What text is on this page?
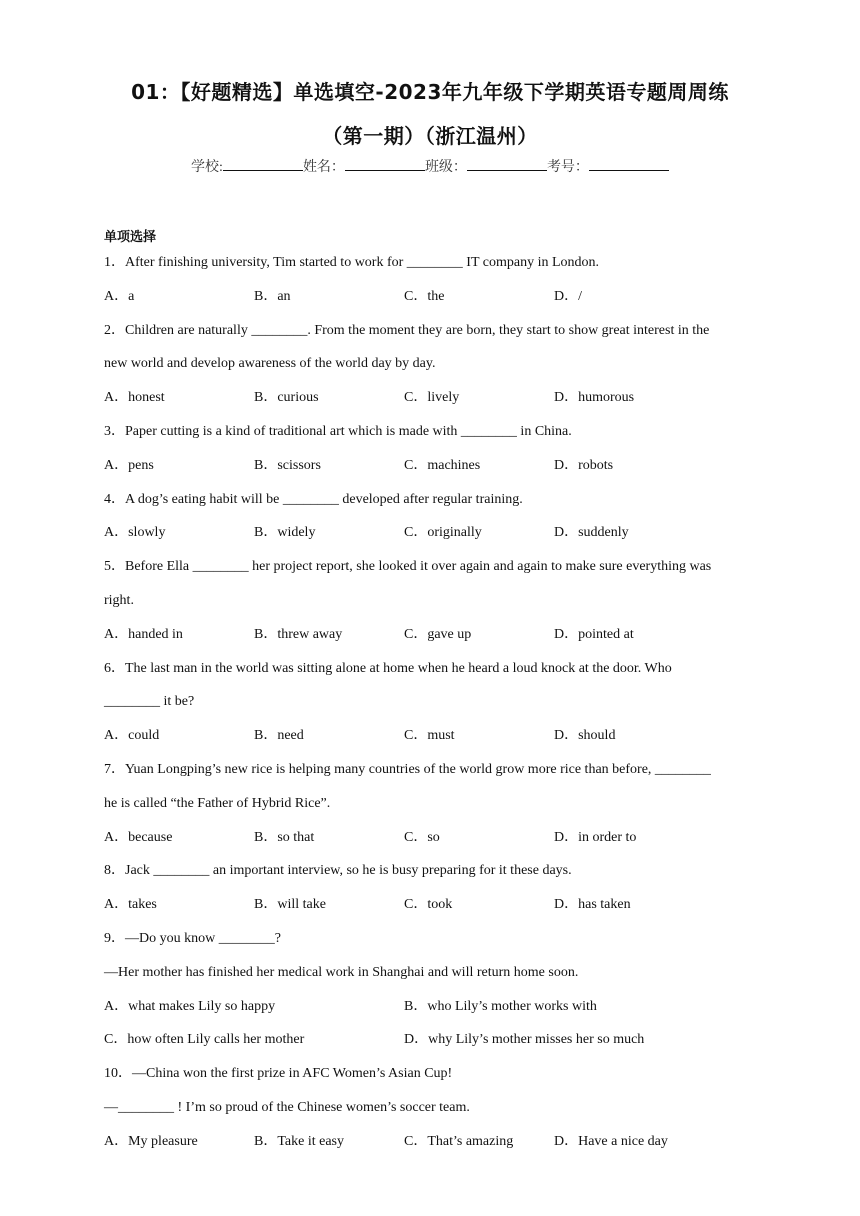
01：【好题精选】单选填空-2023年九年级下学期英语专题周周练
（第一期）（浙江温州）
学校:	姓名：	班级：	考号：
单项选择
1．After finishing university, Tim started to work for ________ IT company in London.
A．a	B．an	C．the	D．/
2．Children are naturally ________. From the moment they are born, they start to show great interest in the
new world and develop awareness of the world day by day.
A．honest	B．curious	C．lively	D．humorous
3．Paper cutting is a kind of traditional art which is made with ________ in China.
A．pens	B．scissors	C．machines	D．robots
4．A dog’s eating habit will be ________ developed after regular training.
A．slowly	B．widely	C．originally	D．suddenly
5．Before Ella ________ her project report, she looked it over again and again to make sure everything was
right.
A．handed in	B．threw away	C．gave up	D．pointed at
6．The last man in the world was sitting alone at home when he heard a loud knock at the door. Who
________ it be?
A．could	B．need	C．must	D．should
7．Yuan Longping’s new rice is helping many countries of the world grow more rice than before, ________
he is called “the Father of Hybrid Rice”.
A．because	B．so that	C．so	D．in order to
8．Jack ________ an important interview, so he is busy preparing for it these days.
A．takes	B．will take	C．took	D．has taken
9．—Do you know ________?
—Her mother has finished her medical work in Shanghai and will return home soon.
A．what makes Lily so happy	B．who Lily’s mother works with
C．how often Lily calls her mother	D．why Lily’s mother misses her so much
10．—China won the first prize in AFC Women’s Asian Cup!
—________ ! I’m so proud of the Chinese women’s soccer team.
A．My pleasure	B．Take it easy	C．That’s amazing	D．Have a nice day
